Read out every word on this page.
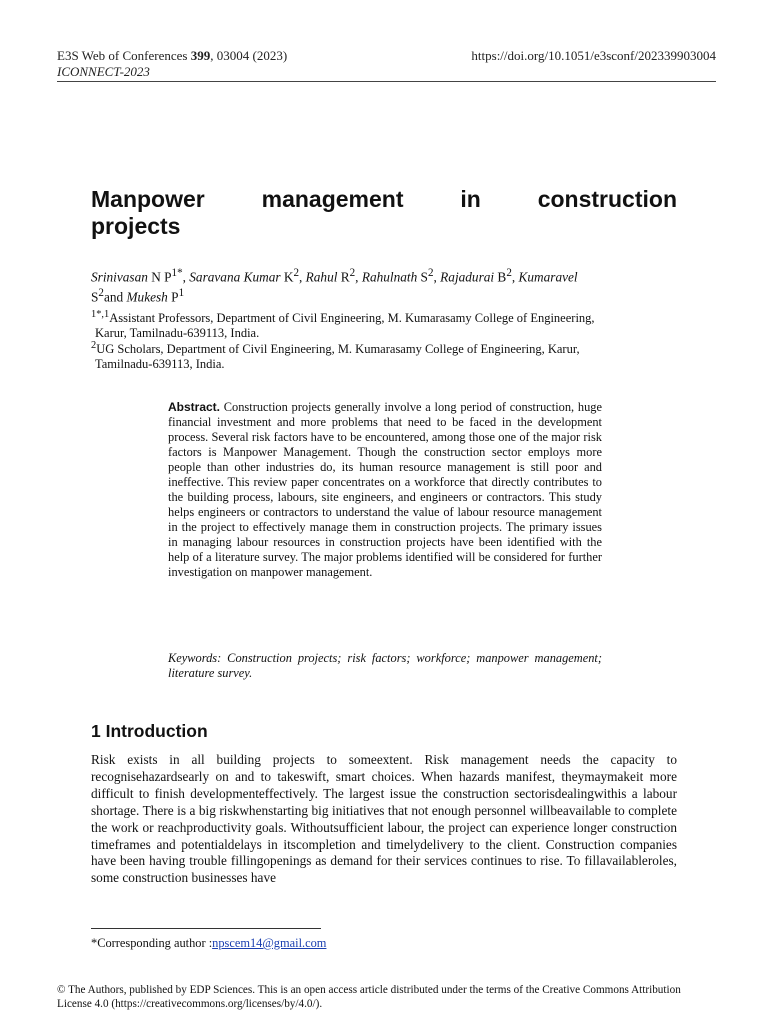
E3S Web of Conferences 399, 03004 (2023)
ICONNECT-2023
https://doi.org/10.1051/e3sconf/202339903004
Manpower management in construction
projects
Srinivasan N $P^{1*}$, Saravana Kumar $K^2$, Rahul $R^2$, Rahulnath $S^2$, Rajadurai $B^2$, Kumaravel
$S^2and$ Mukesh $P^1$
$^{1*,1}$Assistant Professors, Department of Civil Engineering, M. Kumarasamy College of Engineering,
Karur, Tamilnadu-639113, India.
$^2$UG Scholars, Department of Civil Engineering, M. Kumarasamy College of Engineering, Karur,
Tamilnadu-639113, India.
Abstract. Construction projects generally involve a long period of construction, huge financial investment and more problems that need to be faced in the development process. Several risk factors have to be encountered, among those one of the major risk factors is Manpower Management. Though the construction sector employs more people than other industries do, its human resource management is still poor and ineffective. This review paper concentrates on a workforce that directly contributes to the building process, labours, site engineers, and engineers or contractors. This study helps engineers or contractors to understand the value of labour resource management in the project to effectively manage them in construction projects. The primary issues in managing labour resources in construction projects have been identified with the help of a literature survey. The major problems identified will be considered for further investigation on manpower management.
Keywords: Construction projects; risk factors; workforce; manpower management; literature survey.
1 Introduction
Risk exists in all building projects to someextent. Risk management needs the capacity to recognisehazardsearly on and to takeswift, smart choices. When hazards manifest, theymaymakeit more difficult to finish developmenteffectively. The largest issue the construction sectorisdealingwithis a labour shortage. There is a big riskwhenstarting big initiatives that not enough personnel willbeavailable to complete the work or reachproductivity goals. Withoutsufficient labour, the project can experience longer construction timeframes and potentialdelays in itscompletion and timelydelivery to the client. Construction companies have been having trouble fillingopenings as demand for their services continues to rise. To fillavailableroles, some construction businesses have
*Corresponding author :npscem14@gmail.com
© The Authors, published by EDP Sciences. This is an open access article distributed under the terms of the Creative Commons Attribution License 4.0 (https://creativecommons.org/licenses/by/4.0/).
